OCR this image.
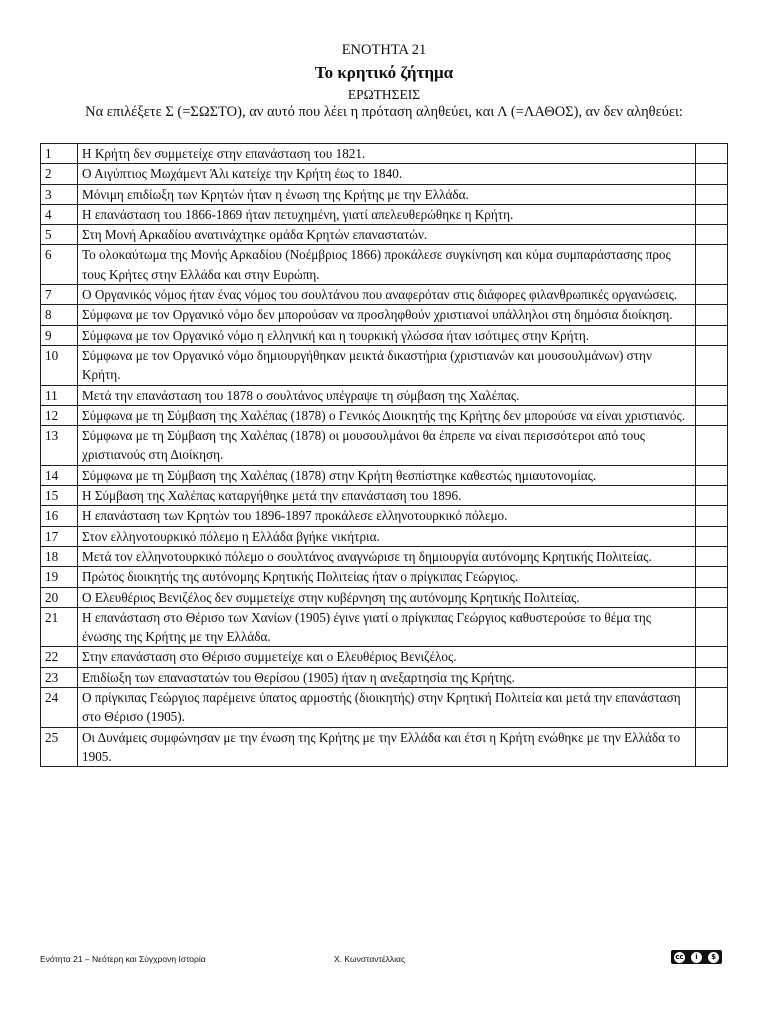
ΕΝΟΤΗΤΑ 21
Το κρητικό ζήτημα
ΕΡΩΤΗΣΕΙΣ
Να επιλέξετε Σ (=ΣΩΣΤΟ), αν αυτό που λέει η πρόταση αληθεύει, και Λ (=ΛΑΘΟΣ), αν δεν αληθεύει:
1	Η Κρήτη δεν συμμετείχε στην επανάσταση του 1821.	
2	Ο Αιγύπτιος Μωχάμεντ Άλι κατείχε την Κρήτη έως το 1840.	
3	Μόνιμη επιδίωξη των Κρητών ήταν η ένωση της Κρήτης με την Ελλάδα.	
4	Η επανάσταση του 1866-1869 ήταν πετυχημένη, γιατί απελευθερώθηκε η Κρήτη.	
5	Στη Μονή Αρκαδίου ανατινάχτηκε ομάδα Κρητών επαναστατών.	
6	Το ολοκαύτωμα της Μονής Αρκαδίου (Νοέμβριος 1866) προκάλεσε συγκίνηση και κύμα συμπαράστασης προς τους Κρήτες στην Ελλάδα και στην Ευρώπη.	
7	Ο Οργανικός νόμος ήταν ένας νόμος του σουλτάνου που αναφερόταν στις διάφορες φιλανθρωπικές οργανώσεις.	
8	Σύμφωνα με τον Οργανικό νόμο δεν μπορούσαν να προσληφθούν χριστιανοί υπάλληλοι στη δημόσια διοίκηση.	
9	Σύμφωνα με τον Οργανικό νόμο η ελληνική και η τουρκική γλώσσα ήταν ισότιμες στην Κρήτη.	
10	Σύμφωνα με τον Οργανικό νόμο δημιουργήθηκαν μεικτά δικαστήρια (χριστιανών και μουσουλμάνων) στην Κρήτη.	
11	Μετά την επανάσταση του 1878 ο σουλτάνος υπέγραψε τη σύμβαση της Χαλέπας.	
12	Σύμφωνα με τη Σύμβαση της Χαλέπας (1878) ο Γενικός Διοικητής της Κρήτης δεν μπορούσε να είναι χριστιανός.	
13	Σύμφωνα με τη Σύμβαση της Χαλέπας (1878) οι μουσουλμάνοι θα έπρεπε να είναι περισσότεροι από τους χριστιανούς στη Διοίκηση.	
14	Σύμφωνα με τη Σύμβαση της Χαλέπας (1878) στην Κρήτη θεσπίστηκε καθεστώς ημιαυτονομίας.	
15	Η Σύμβαση της Χαλέπας καταργήθηκε μετά την επανάσταση του 1896.	
16	Η επανάσταση των Κρητών του 1896-1897 προκάλεσε ελληνοτουρκικό πόλεμο.	
17	Στον ελληνοτουρκικό πόλεμο η Ελλάδα βγήκε νικήτρια.	
18	Μετά τον ελληνοτουρκικό πόλεμο ο σουλτάνος αναγνώρισε τη δημιουργία αυτόνομης Κρητικής Πολιτείας.	
19	Πρώτος διοικητής της αυτόνομης Κρητικής Πολιτείας ήταν ο πρίγκιπας Γεώργιος.	
20	Ο Ελευθέριος Βενιζέλος δεν συμμετείχε στην κυβέρνηση της αυτόνομης Κρητικής Πολιτείας.	
21	Η επανάσταση στο Θέρισο των Χανίων (1905) έγινε γιατί ο πρίγκιπας Γεώργιος καθυστερούσε το θέμα της ένωσης της Κρήτης με την Ελλάδα.	
22	Στην επανάσταση στο Θέρισο συμμετείχε και ο Ελευθέριος Βενιζέλος.	
23	Επιδίωξη των επαναστατών του Θερίσου (1905) ήταν η ανεξαρτησία της Κρήτης.	
24	Ο πρίγκιπας Γεώργιος παρέμεινε ύπατος αρμοστής (διοικητής) στην Κρητική Πολιτεία και μετά την επανάσταση στο Θέρισο (1905).	
25	Οι Δυνάμεις συμφώνησαν με την ένωση της Κρήτης με την Ελλάδα και έτσι η Κρήτη ενώθηκε με την Ελλάδα το 1905.	
Ενότητα 21 – Νεότερη και Σύγχρονη Ιστορία	Χ. Κωνσταντέλλιας	cc	i	$
